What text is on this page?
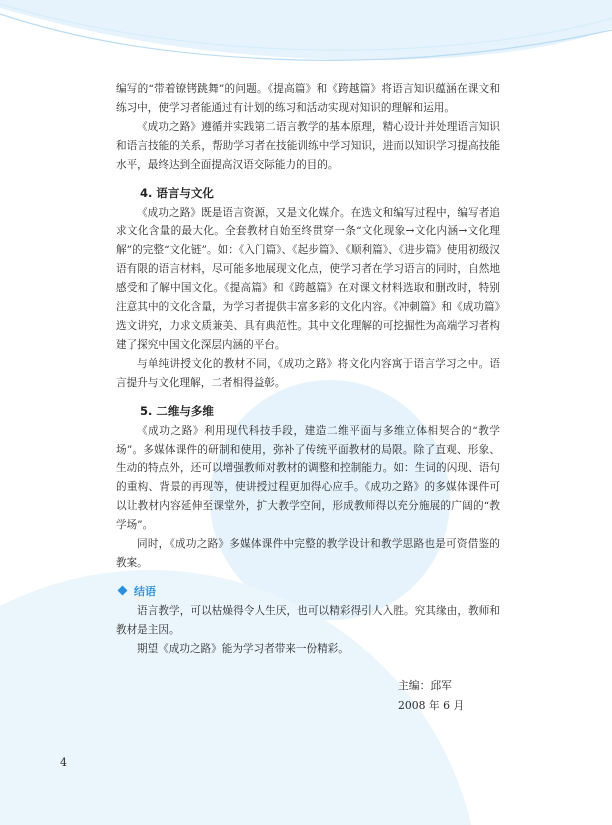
编写的“带着镣铐跳舞”的问题。《提高篇》和《跨越篇》将语言知识蕴涵在课文和练习中，使学习者能通过有计划的练习和活动实现对知识的理解和运用。

《成功之路》遵循并实践第二语言教学的基本原理，精心设计并处理语言知识和语言技能的关系，帮助学习者在技能训练中学习知识，进而以知识学习提高技能水平，最终达到全面提高汉语交际能力的目的。

4. 语言与文化

《成功之路》既是语言资源，又是文化媒介。在选文和编写过程中，编写者追求文化含量的最大化。全套教材自始至终贯穿一条“文化现象→文化内涵→文化理解”的完整“文化链”。如：《入门篇》、《起步篇》、《顺利篇》、《进步篇》使用初级汉语有限的语言材料，尽可能多地展现文化点，使学习者在学习语言的同时，自然地感受和了解中国文化。《提高篇》和《跨越篇》在对课文材料选取和删改时，特别注意其中的文化含量，为学习者提供丰富多彩的文化内容。《冲刺篇》和《成功篇》选文讲究，力求文质兼美、具有典范性。其中文化理解的可挖掘性为高端学习者构建了探究中国文化深层内涵的平台。

与单纯讲授文化的教材不同，《成功之路》将文化内容寓于语言学习之中。语言提升与文化理解，二者相得益彰。

5. 二维与多维

《成功之路》利用现代科技手段，建造二维平面与多维立体相契合的“教学场”。多媒体课件的研制和使用，弥补了传统平面教材的局限。除了直观、形象、生动的特点外，还可以增强教师对教材的调整和控制能力。如：生词的闪现、语句的重构、背景的再现等，使讲授过程更加得心应手。《成功之路》的多媒体课件可以让教材内容延伸至课堂外，扩大教学空间，形成教师得以充分施展的广阔的“教学场”。

同时，《成功之路》多媒体课件中完整的教学设计和教学思路也是可资借鉴的教案。

结语

语言教学，可以枯燥得令人生厌，也可以精彩得引人入胜。究其缘由，教师和教材是主因。

期望《成功之路》能为学习者带来一份精彩。

主编：邱军
2008 年 6 月
4
